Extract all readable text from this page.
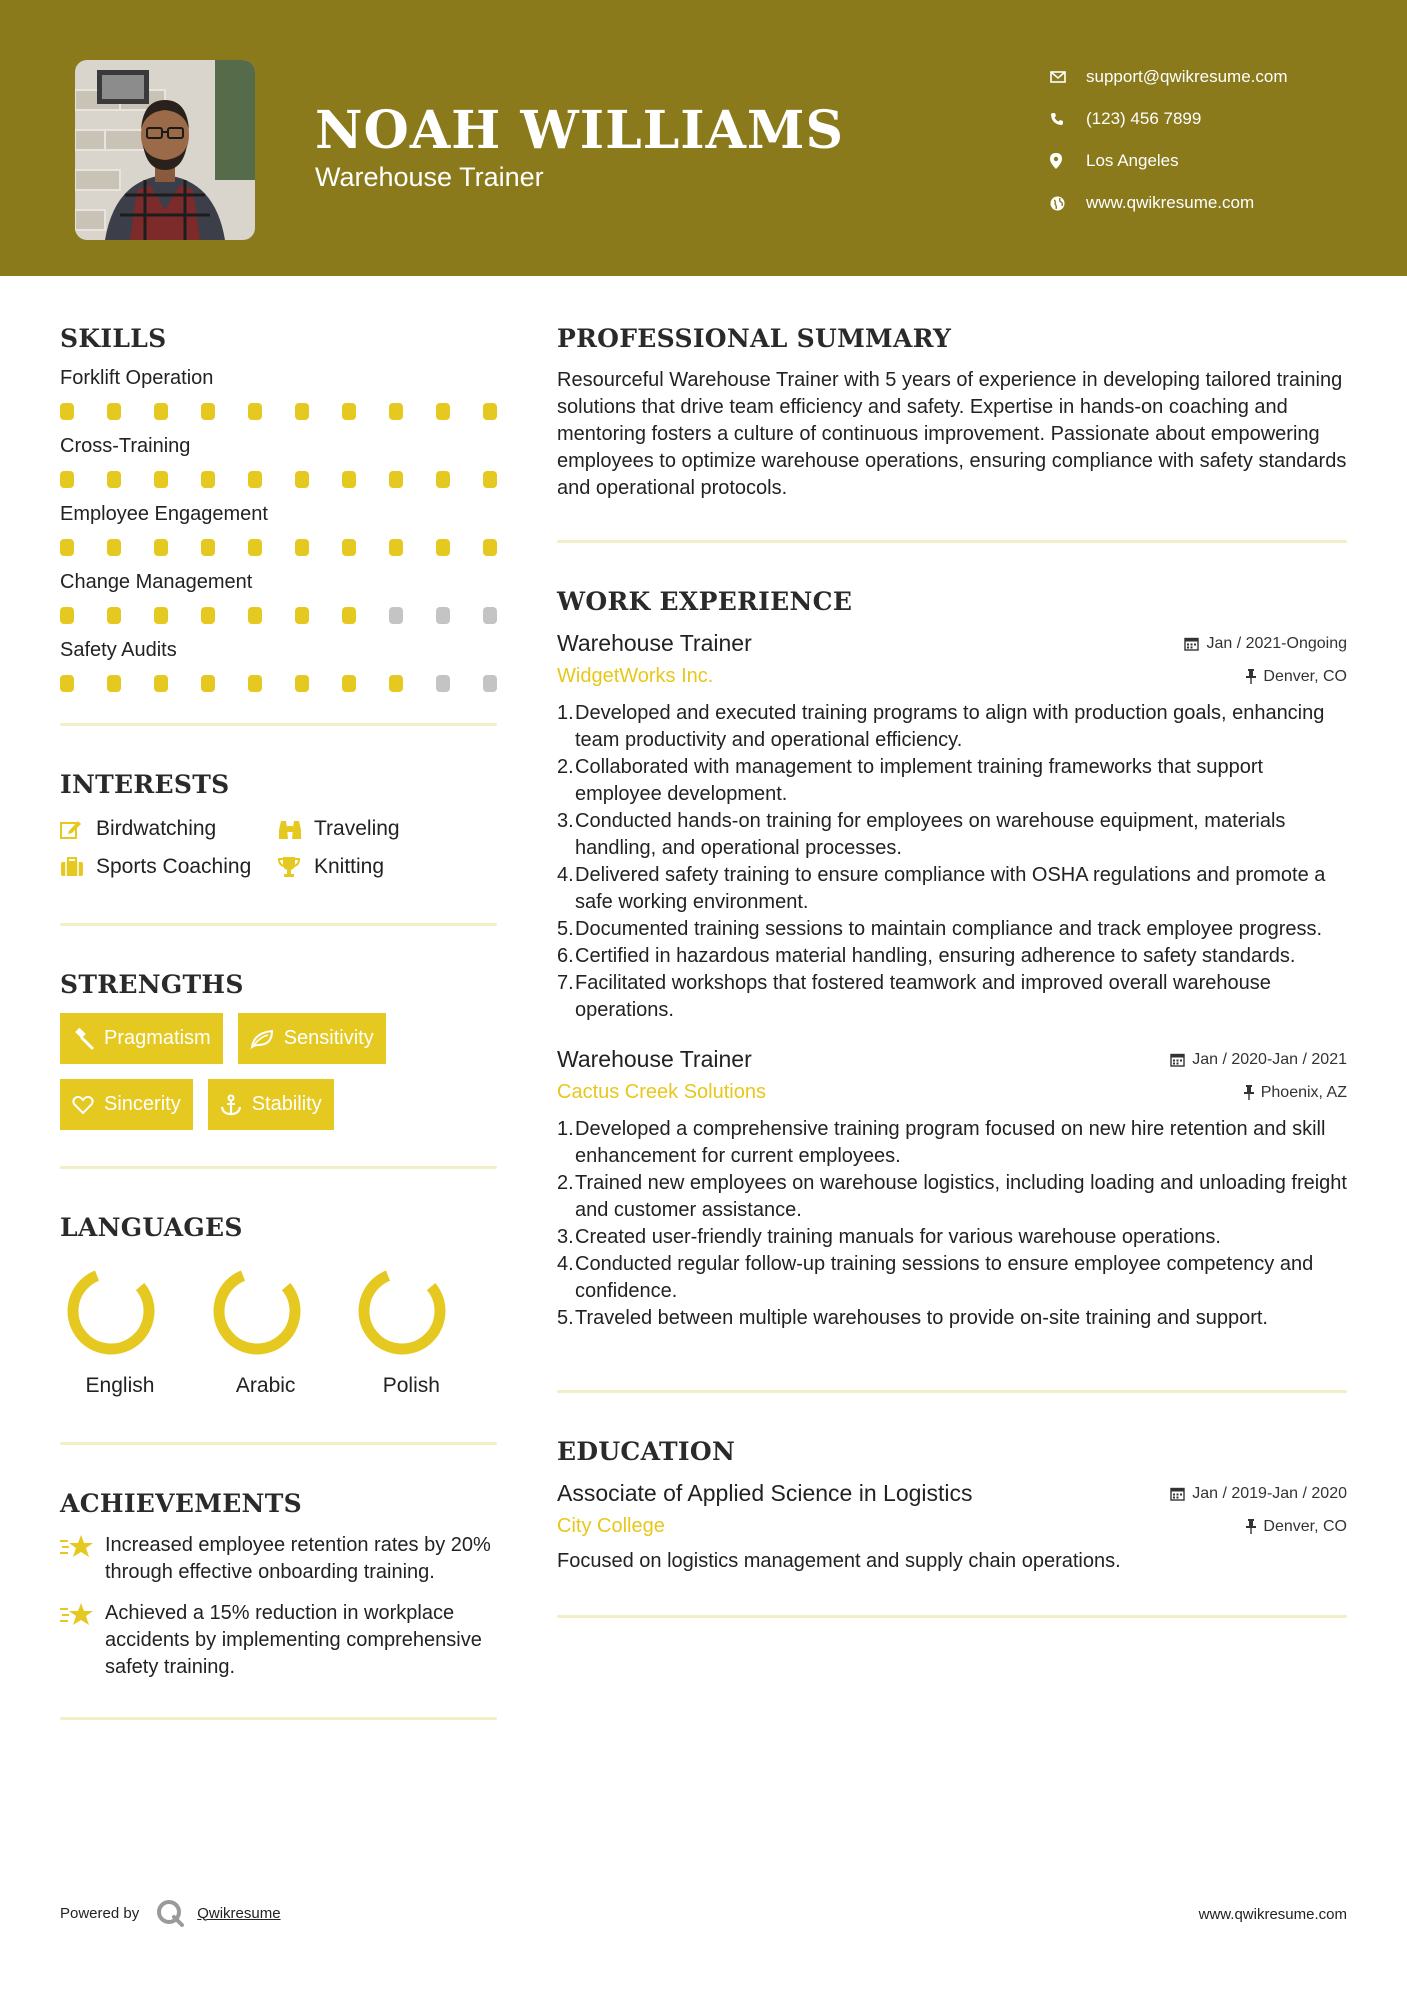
NOAH WILLIAMS
Warehouse Trainer
support@qwikresume.com
(123) 456 7899
Los Angeles
www.qwikresume.com
SKILLS
Forklift Operation
Cross-Training
Employee Engagement
Change Management
Safety Audits
INTERESTS
Birdwatching	Traveling
Sports Coaching	Knitting
STRENGTHS
Pragmatism	Sensitivity
Sincerity	Stability
LANGUAGES
English	Arabic	Polish
ACHIEVEMENTS
Increased employee retention rates by 20% through effective onboarding training.
Achieved a 15% reduction in workplace accidents by implementing comprehensive safety training.
PROFESSIONAL SUMMARY
Resourceful Warehouse Trainer with 5 years of experience in developing tailored training solutions that drive team efficiency and safety. Expertise in hands-on coaching and mentoring fosters a culture of continuous improvement. Passionate about empowering employees to optimize warehouse operations, ensuring compliance with safety standards and operational protocols.
WORK EXPERIENCE
Warehouse Trainer	Jan / 2021-Ongoing
WidgetWorks Inc.	Denver, CO
1. Developed and executed training programs to align with production goals, enhancing team productivity and operational efficiency.
2. Collaborated with management to implement training frameworks that support employee development.
3. Conducted hands-on training for employees on warehouse equipment, materials handling, and operational processes.
4. Delivered safety training to ensure compliance with OSHA regulations and promote a safe working environment.
5. Documented training sessions to maintain compliance and track employee progress.
6. Certified in hazardous material handling, ensuring adherence to safety standards.
7. Facilitated workshops that fostered teamwork and improved overall warehouse operations.
Warehouse Trainer	Jan / 2020-Jan / 2021
Cactus Creek Solutions	Phoenix, AZ
1. Developed a comprehensive training program focused on new hire retention and skill enhancement for current employees.
2. Trained new employees on warehouse logistics, including loading and unloading freight and customer assistance.
3. Created user-friendly training manuals for various warehouse operations.
4. Conducted regular follow-up training sessions to ensure employee competency and confidence.
5. Traveled between multiple warehouses to provide on-site training and support.
EDUCATION
Associate of Applied Science in Logistics	Jan / 2019-Jan / 2020
City College	Denver, CO
Focused on logistics management and supply chain operations.
Powered by	Qwikresume	www.qwikresume.com
